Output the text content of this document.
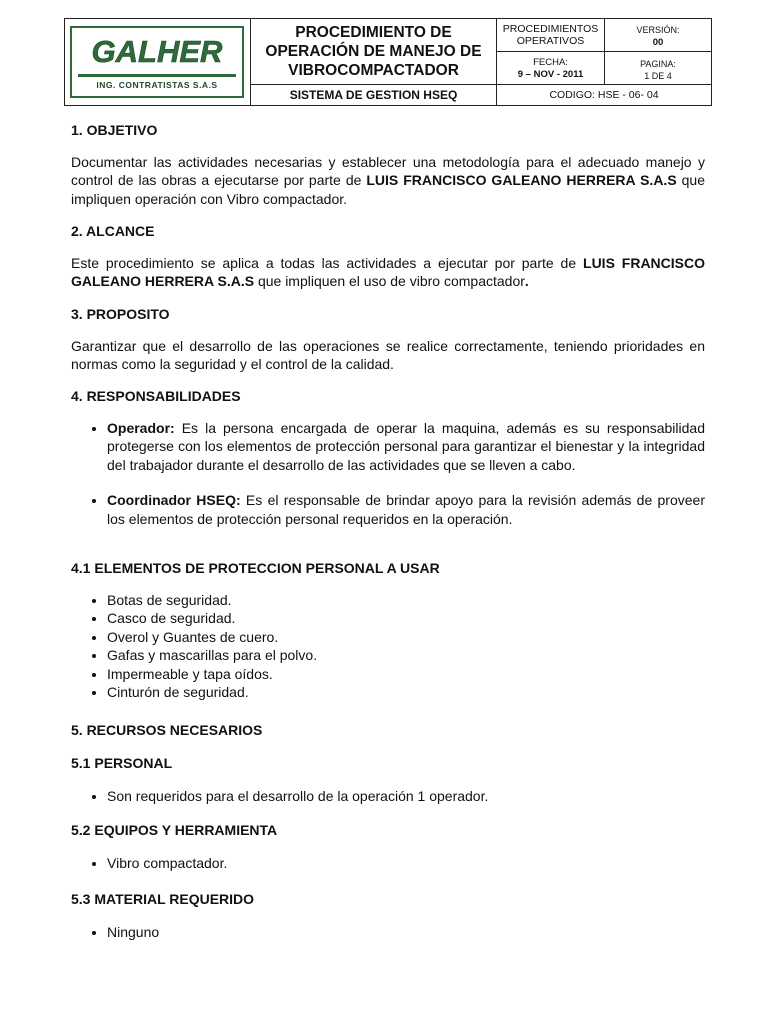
GALHER
ING. CONTRATISTAS S.A.S
PROCEDIMIENTO DE OPERACIÓN DE MANEJO DE VIBROCOMPACTADOR
SISTEMA DE GESTION HSEQ
PROCEDIMIENTOS OPERATIVOS
VERSIÓN:
00
FECHA:
9 – NOV - 2011
PAGINA:
1 DE 4
CODIGO: HSE - 06- 04

1. OBJETIVO

Documentar las actividades necesarias y establecer una metodología para el adecuado manejo y control de las obras a ejecutarse por parte de LUIS FRANCISCO GALEANO HERRERA S.A.S que impliquen operación con Vibro compactador.

2. ALCANCE

Este procedimiento se aplica a todas las actividades a ejecutar por parte de LUIS FRANCISCO GALEANO HERRERA S.A.S que impliquen el uso de vibro compactador.

3. PROPOSITO

Garantizar que el desarrollo de las operaciones se realice correctamente, teniendo prioridades en normas como la seguridad y el control de la calidad.

4. RESPONSABILIDADES

• Operador: Es la persona encargada de operar la maquina, además es su responsabilidad protegerse con los elementos de protección personal para garantizar el bienestar y la integridad del trabajador durante el desarrollo de las actividades que se lleven a cabo.
• Coordinador HSEQ: Es el responsable de brindar apoyo para la revisión además de proveer los elementos de protección personal requeridos en la operación.

4.1 ELEMENTOS DE PROTECCION PERSONAL A USAR

• Botas de seguridad.
• Casco de seguridad.
• Overol y Guantes de cuero.
• Gafas y mascarillas para el polvo.
• Impermeable y tapa oídos.
• Cinturón de seguridad.

5. RECURSOS NECESARIOS

5.1 PERSONAL

• Son requeridos para el desarrollo de la operación 1 operador.

5.2 EQUIPOS Y HERRAMIENTA

• Vibro compactador.

5.3 MATERIAL REQUERIDO

• Ninguno
